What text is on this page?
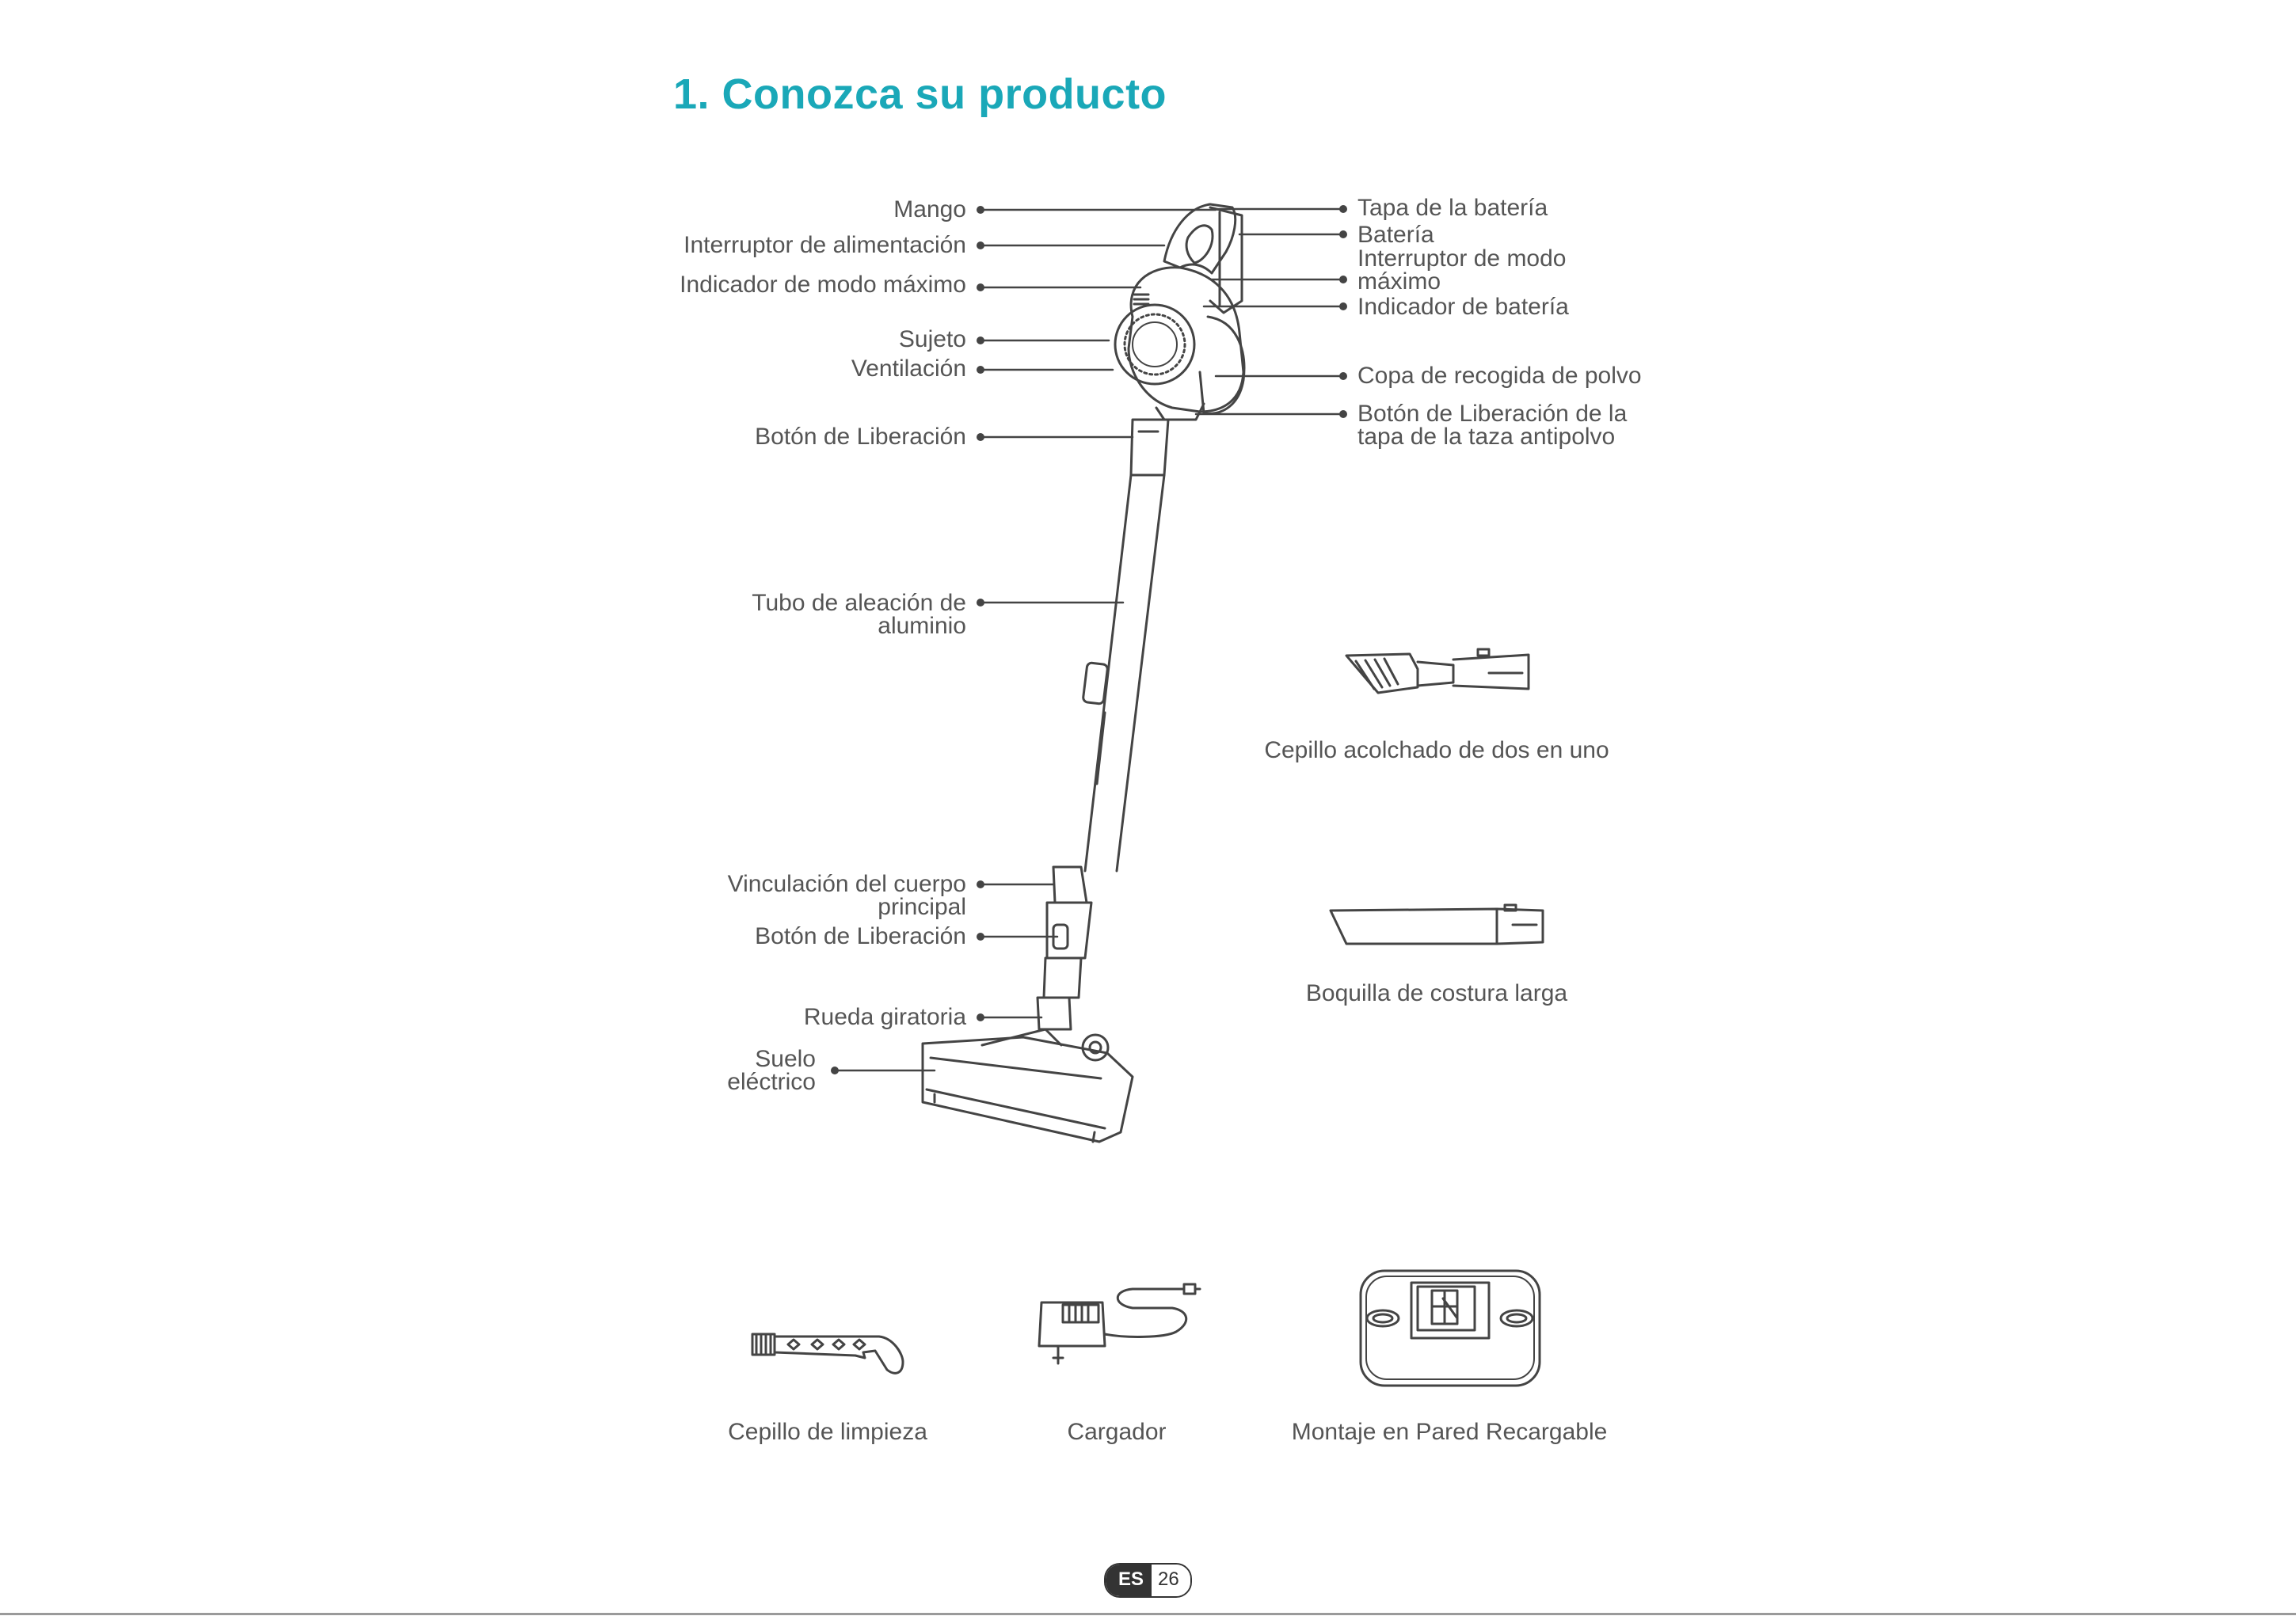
1. Conozca su producto
Mango
Interruptor de alimentación
Indicador de modo máximo
Sujeto
Ventilación
Botón de Liberación
Tubo de aleación de
aluminio
Vinculación del cuerpo
principal
Botón de Liberación
Rueda giratoria
Suelo
eléctrico
Tapa de la batería
Batería
Interruptor de modo
máximo
Indicador de batería
Copa de recogida de polvo
Botón de Liberación de la
tapa de la taza antipolvo
Cepillo acolchado de dos en uno
Boquilla de costura larga
Cepillo de limpieza	Cargador	Montaje en Pared Recargable
ES 26
